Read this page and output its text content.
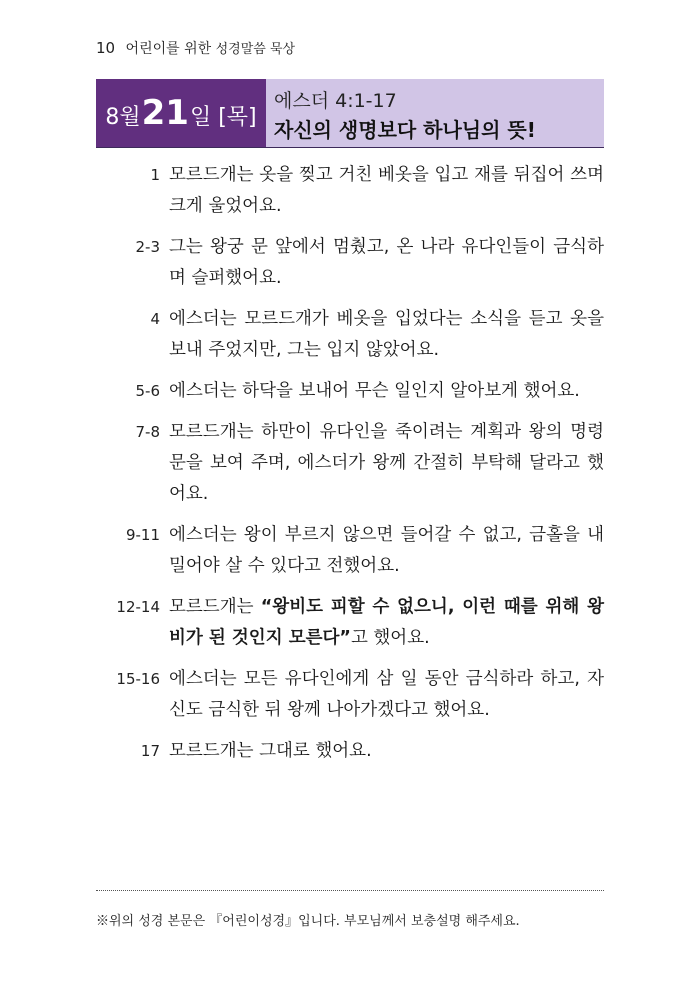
10 어린이를 위한 성경말씀 묵상
8월 21 일 [목]
에스더 4:1-17
자신의 생명보다 하나님의 뜻!
1 모르드개는 옷을 찢고 거친 베옷을 입고 재를 뒤집어 쓰며 크게 울었어요.
2-3 그는 왕궁 문 앞에서 멈췄고, 온 나라 유다인들이 금식하며 슬퍼했어요.
4 에스더는 모르드개가 베옷을 입었다는 소식을 듣고 옷을 보내 주었지만, 그는 입지 않았어요.
5-6 에스더는 하닥을 보내어 무슨 일인지 알아보게 했어요.
7-8 모르드개는 하만이 유다인을 죽이려는 계획과 왕의 명령문을 보여 주며, 에스더가 왕께 간절히 부탁해 달라고 했어요.
9-11 에스더는 왕이 부르지 않으면 들어갈 수 없고, 금홀을 내밀어야 살 수 있다고 전했어요.
12-14 모르드개는 “왕비도 피할 수 없으니, 이런 때를 위해 왕비가 된 것인지 모른다”고 했어요.
15-16 에스더는 모든 유다인에게 삼 일 동안 금식하라 하고, 자신도 금식한 뒤 왕께 나아가겠다고 했어요.
17 모르드개는 그대로 했어요.
※위의 성경 본문은 『어린이성경』입니다. 부모님께서 보충설명 해주세요.
